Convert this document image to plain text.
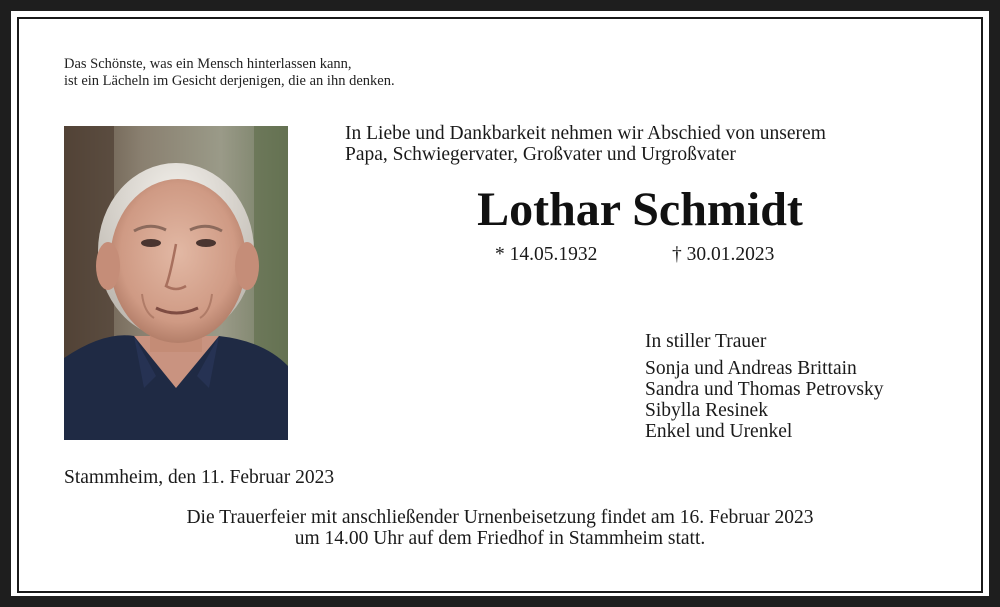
Das Schönste, was ein Mensch hinterlassen kann,
ist ein Lächeln im Gesicht derjenigen, die an ihn denken.
In Liebe und Dankbarkeit nehmen wir Abschied von unserem
Papa, Schwiegervater, Großvater und Urgroßvater
Lothar Schmidt
* 14.05.1932	† 30.01.2023
In stiller Trauer
Sonja und Andreas Brittain
Sandra und Thomas Petrovsky
Sibylla Resinek
Enkel und Urenkel
Stammheim, den 11. Februar 2023
Die Trauerfeier mit anschließender Urnenbeisetzung findet am 16. Februar 2023
um 14.00 Uhr auf dem Friedhof in Stammheim statt.
